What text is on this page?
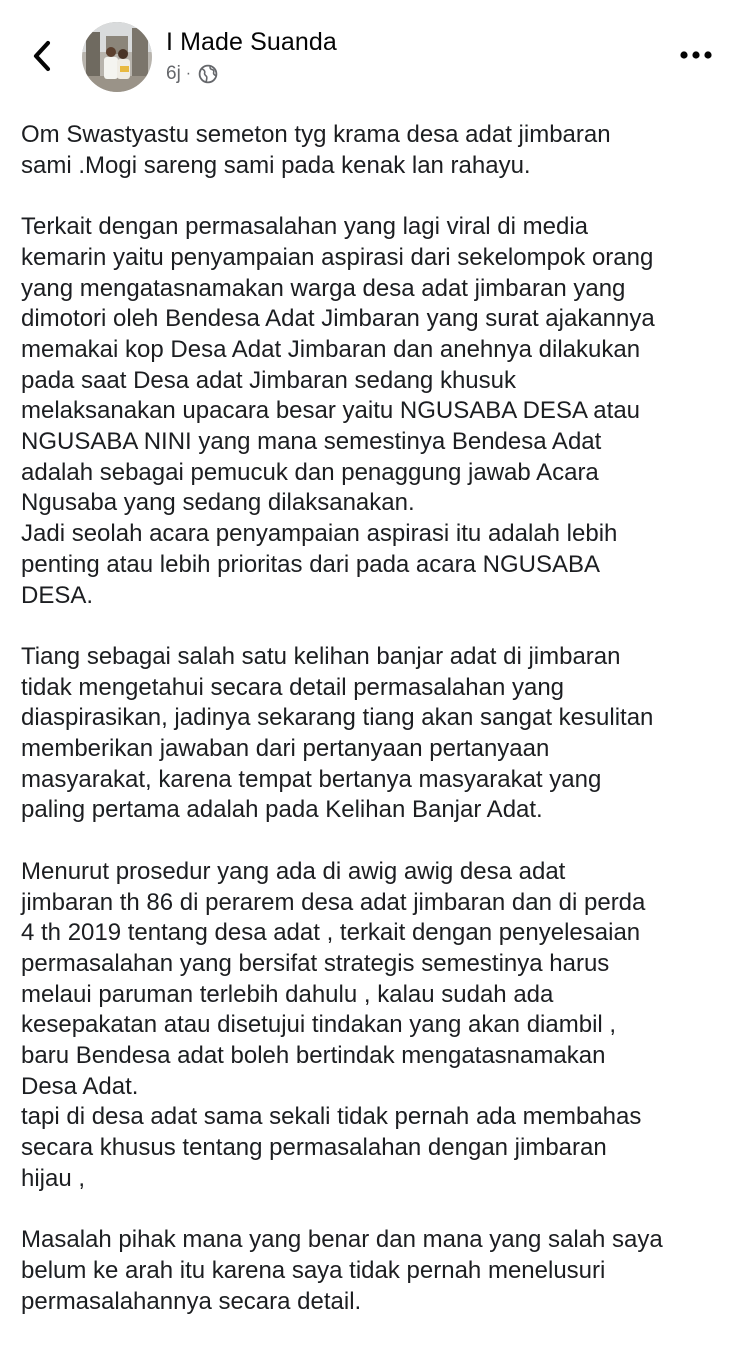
I Made Suanda
6j ·
Om Swastyastu semeton tyg krama desa adat jimbaran
sami .Mogi sareng sami pada kenak lan rahayu.
Terkait dengan permasalahan yang lagi viral di media
kemarin yaitu penyampaian aspirasi dari sekelompok orang
yang mengatasnamakan warga desa adat jimbaran yang
dimotori oleh Bendesa Adat Jimbaran yang surat ajakannya
memakai kop Desa Adat Jimbaran dan anehnya dilakukan
pada saat Desa adat Jimbaran sedang khusuk
melaksanakan upacara besar yaitu NGUSABA DESA atau
NGUSABA NINI yang mana semestinya Bendesa Adat
adalah sebagai pemucuk dan penaggung jawab Acara
Ngusaba yang sedang dilaksanakan.
Jadi seolah acara penyampaian aspirasi itu adalah lebih
penting atau lebih prioritas dari pada acara NGUSABA
DESA.
Tiang sebagai salah satu kelihan banjar adat di jimbaran
tidak mengetahui secara detail permasalahan yang
diaspirasikan, jadinya sekarang tiang akan sangat kesulitan
memberikan jawaban dari pertanyaan pertanyaan
masyarakat, karena tempat bertanya masyarakat yang
paling pertama adalah pada Kelihan Banjar Adat.
Menurut prosedur yang ada di awig awig desa adat
jimbaran th 86 di perarem desa adat jimbaran dan di perda
4 th 2019 tentang desa adat , terkait dengan penyelesaian
permasalahan yang bersifat strategis semestinya harus
melaui paruman terlebih dahulu , kalau sudah ada
kesepakatan atau disetujui tindakan yang akan diambil ,
baru Bendesa adat boleh bertindak mengatasnamakan
Desa Adat.
tapi di desa adat sama sekali tidak pernah ada membahas
secara khusus tentang permasalahan dengan jimbaran
hijau ,
Masalah pihak mana yang benar dan mana yang salah saya
belum ke arah itu karena saya tidak pernah menelusuri
permasalahannya secara detail.
